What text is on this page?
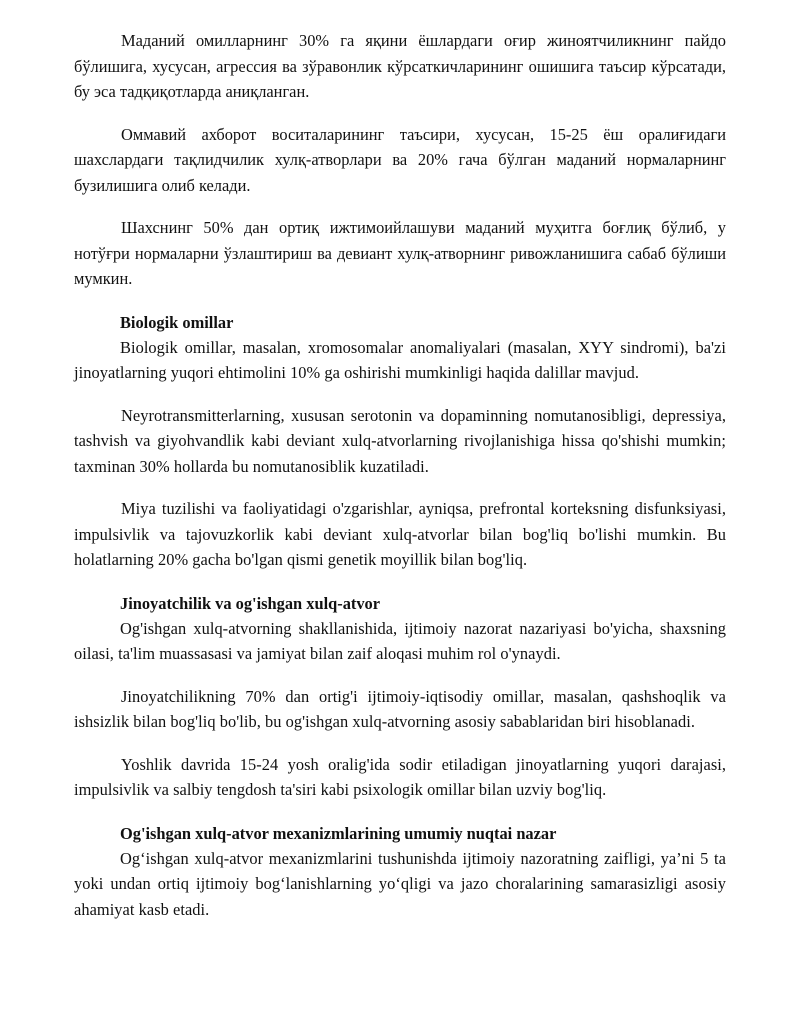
Маданий омилларнинг 30% га яқини ёшлардаги оғир жиноятчиликнинг пайдо бўлишига, хусусан, агрессия ва зўравонлик кўрсаткичларининг ошишига таъсир кўрсатади, бу эса тадқиқотларда аниқланган.

Оммавий ахборот воситаларининг таъсири, хусусан, 15-25 ёш оралиғидаги шахслардаги тақлидчилик хулқ-атворлари ва 20% гача бўлган маданий нормаларнинг бузилишига олиб келади.

Шахснинг 50% дан ортиқ ижтимоийлашуви маданий муҳитга боғлиқ бўлиб, у нотўғри нормаларни ўзлаштириш ва девиант хулқ-атворнинг ривожланишига сабаб бўлиши мумкин.

Biologik omillar

Biologik omillar, masalan, xromosomalar anomaliyalari (masalan, XYY sindromi), ba'zi jinoyatlarning yuqori ehtimolini 10% ga oshirishi mumkinligi haqida dalillar mavjud.

Neyrotransmitterlarning, xususan serotonin va dopaminning nomutanosibligi, depressiya, tashvish va giyohvandlik kabi deviant xulq-atvorlarning rivojlanishiga hissa qo'shishi mumkin; taxminan 30% hollarda bu nomutanosiblik kuzatiladi.

Miya tuzilishi va faoliyatidagi o'zgarishlar, ayniqsa, prefrontal korteksning disfunksiyasi, impulsivlik va tajovuzkorlik kabi deviant xulq-atvorlar bilan bog'liq bo'lishi mumkin. Bu holatlarning 20% gacha bo'lgan qismi genetik moyillik bilan bog'liq.

Jinoyatchilik va og'ishgan xulq-atvor

Og'ishgan xulq-atvorning shakllanishida, ijtimoiy nazorat nazariyasi bo'yicha, shaxsning oilasi, ta'lim muassasasi va jamiyat bilan zaif aloqasi muhim rol o'ynaydi.

Jinoyatchilikning 70% dan ortig'i ijtimoiy-iqtisodiy omillar, masalan, qashshoqlik va ishsizlik bilan bog'liq bo'lib, bu og'ishgan xulq-atvorning asosiy sabablaridan biri hisoblanadi.

Yoshlik davrida 15-24 yosh oralig'ida sodir etiladigan jinoyatlarning yuqori darajasi, impulsivlik va salbiy tengdosh ta'siri kabi psixologik omillar bilan uzviy bog'liq.

Og'ishgan xulq-atvor mexanizmlarining umumiy nuqtai nazar

Og‘ishgan xulq-atvor mexanizmlarini tushunishda ijtimoiy nazoratning zaifligi, ya’ni 5 ta yoki undan ortiq ijtimoiy bog‘lanishlarning yo‘qligi va jazo choralarining samarasizligi asosiy ahamiyat kasb etadi.
